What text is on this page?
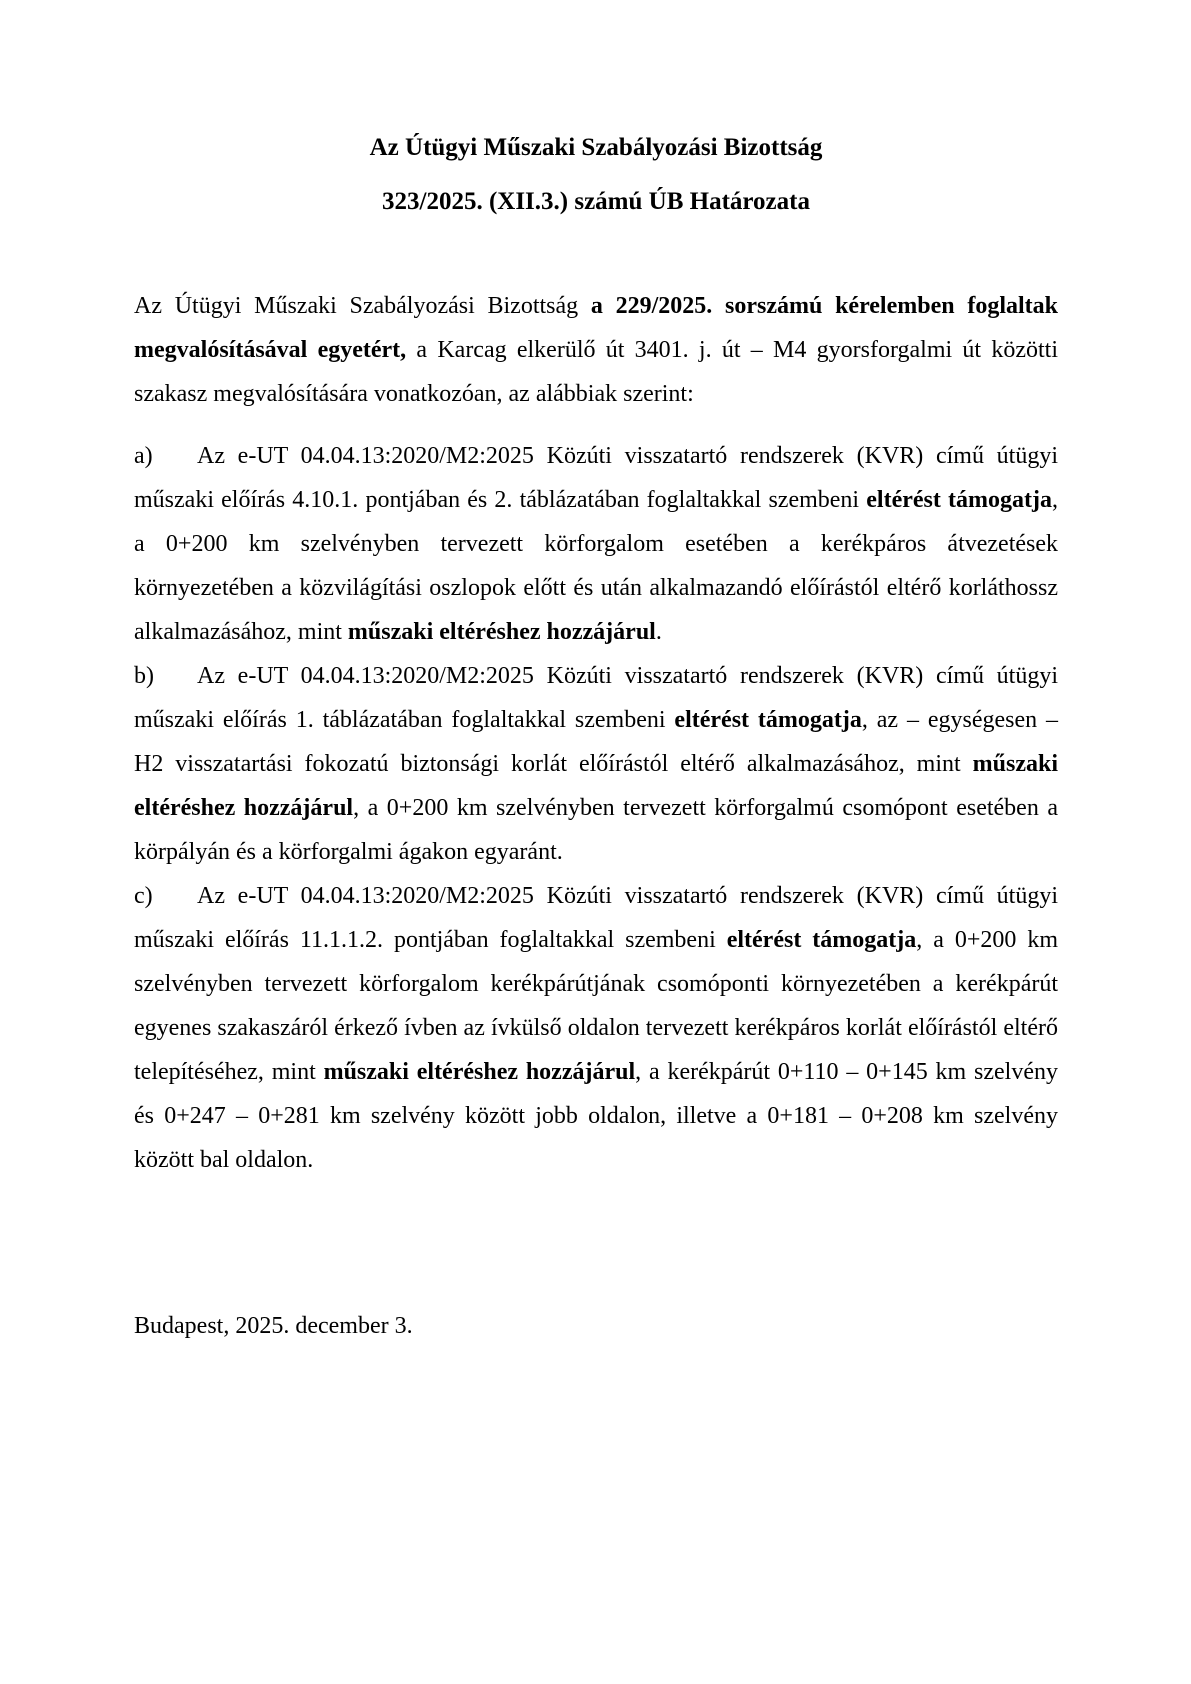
Az Útügyi Műszaki Szabályozási Bizottság
323/2025. (XII.3.) számú ÚB Határozata

Az Útügyi Műszaki Szabályozási Bizottság a 229/2025. sorszámú kérelemben foglaltak megvalósításával egyetért, a Karcag elkerülő út 3401. j. út – M4 gyorsforgalmi út közötti szakasz megvalósítására vonatkozóan, az alábbiak szerint:

a) Az e-UT 04.04.13:2020/M2:2025 Közúti visszatartó rendszerek (KVR) című útügyi műszaki előírás 4.10.1. pontjában és 2. táblázatában foglaltakkal szembeni eltérést támogatja, a 0+200 km szelvényben tervezett körforgalom esetében a kerékpáros átvezetések környezetében a közvilágítási oszlopok előtt és után alkalmazandó előírástól eltérő korláthossz alkalmazásához, mint műszaki eltéréshez hozzájárul.

b) Az e-UT 04.04.13:2020/M2:2025 Közúti visszatartó rendszerek (KVR) című útügyi műszaki előírás 1. táblázatában foglaltakkal szembeni eltérést támogatja, az – egységesen – H2 visszatartási fokozatú biztonsági korlát előírástól eltérő alkalmazásához, mint műszaki eltéréshez hozzájárul, a 0+200 km szelvényben tervezett körforgalmú csomópont esetében a körpályán és a körforgalmi ágakon egyaránt.

c) Az e-UT 04.04.13:2020/M2:2025 Közúti visszatartó rendszerek (KVR) című útügyi műszaki előírás 11.1.1.2. pontjában foglaltakkal szembeni eltérést támogatja, a 0+200 km szelvényben tervezett körforgalom kerékpárútjának csomóponti környezetében a kerékpárút egyenes szakaszáról érkező ívben az ívkülső oldalon tervezett kerékpáros korlát előírástól eltérő telepítéséhez, mint műszaki eltéréshez hozzájárul, a kerékpárút 0+110 – 0+145 km szelvény és 0+247 – 0+281 km szelvény között jobb oldalon, illetve a 0+181 – 0+208 km szelvény között bal oldalon.

Budapest, 2025. december 3.
